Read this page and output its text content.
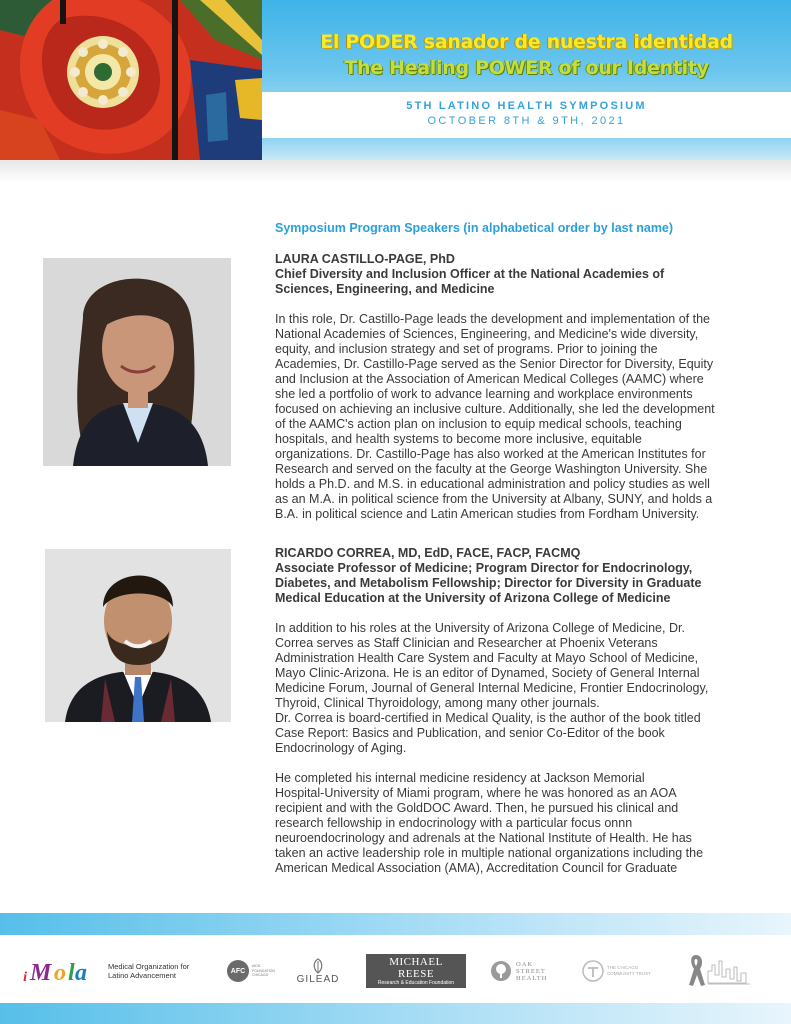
El PODER sanador de nuestra identidad
The Healing POWER of our Identity
5TH LATINO HEALTH SYMPOSIUM
OCTOBER 8TH & 9TH, 2021
Symposium Program Speakers (in alphabetical order by last name)
LAURA CASTILLO-PAGE, PhD
Chief Diversity and Inclusion Officer at the National Academies of
Sciences, Engineering, and Medicine
In this role, Dr. Castillo-Page leads the development and implementation of the
National Academies of Sciences, Engineering, and Medicine's wide diversity,
equity, and inclusion strategy and set of programs. Prior to joining the
Academies, Dr. Castillo-Page served as the Senior Director for Diversity, Equity
and Inclusion at the Association of American Medical Colleges (AAMC) where
she led a portfolio of work to advance learning and workplace environments
focused on achieving an inclusive culture. Additionally, she led the development
of the AAMC's action plan on inclusion to equip medical schools, teaching
hospitals, and health systems to become more inclusive, equitable
organizations. Dr. Castillo-Page has also worked at the American Institutes for
Research and served on the faculty at the George Washington University. She
holds a Ph.D. and M.S. in educational administration and policy studies as well
as an M.A. in political science from the University at Albany, SUNY, and holds a
B.A. in political science and Latin American studies from Fordham University.
RICARDO CORREA, MD, EdD, FACE, FACP, FACMQ
Associate Professor of Medicine; Program Director for Endocrinology,
Diabetes, and Metabolism Fellowship; Director for Diversity in Graduate
Medical Education at the University of Arizona College of Medicine
In addition to his roles at the University of Arizona College of Medicine, Dr.
Correa serves as Staff Clinician and Researcher at Phoenix Veterans
Administration Health Care System and Faculty at Mayo School of Medicine,
Mayo Clinic-Arizona. He is an editor of Dynamed, Society of General Internal
Medicine Forum, Journal of General Internal Medicine, Frontier Endocrinology,
Thyroid, Clinical Thyroidology, among many other journals.
Dr. Correa is board-certified in Medical Quality, is the author of the book titled
Case Report: Basics and Publication, and senior Co-Editor of the book
Endocrinology of Aging.
He completed his internal medicine residency at Jackson Memorial
Hospital-University of Miami program, where he was honored as an AOA
recipient and with the GoldDOC Award. Then, he pursued his clinical and
research fellowship in endocrinology with a particular focus onnn
neuroendocrinology and adrenals at the National Institute of Health. He has
taken an active leadership role in multiple national organizations including the
American Medical Association (AMA), Accreditation Council for Graduate
ᵢ M o l a	Medical Organization for
Latino Advancement	AFC
AIDS FOUNDATION CHICAGO	GILEAD
MICHAEL REESE
Research & Education Foundation
OAK
STREET
HEALTH
THE CHICAGO
COMMUNITY TRUST
